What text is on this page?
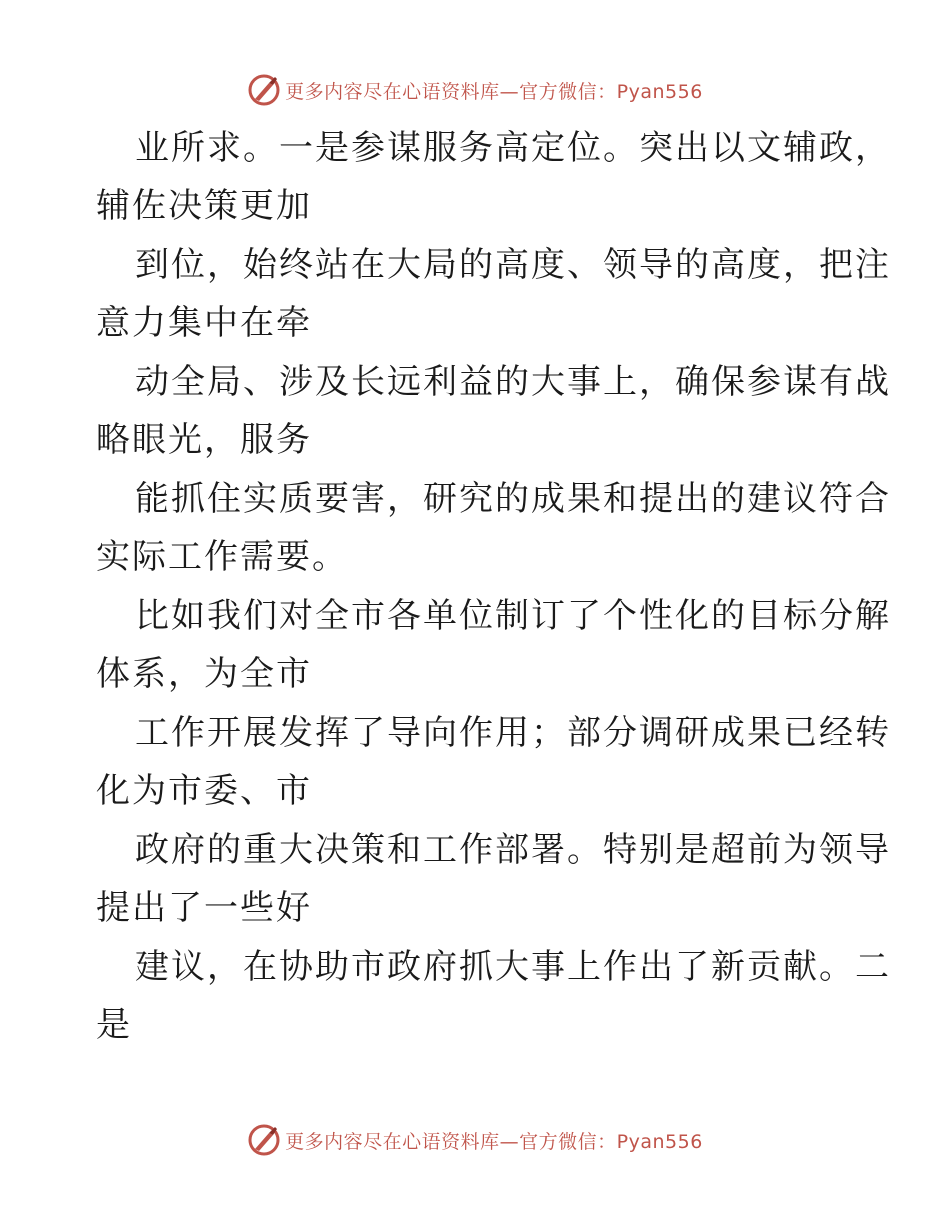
更多内容尽在心语资料库—官方微信：Pyan556
业所求。一是参谋服务高定位。突出以文辅政，
辅佐决策更加
到位，始终站在大局的高度、领导的高度，把注
意力集中在牵
动全局、涉及长远利益的大事上，确保参谋有战
略眼光，服务
能抓住实质要害，研究的成果和提出的建议符合
实际工作需要。
比如我们对全市各单位制订了个性化的目标分解
体系，为全市
工作开展发挥了导向作用；部分调研成果已经转
化为市委、市
政府的重大决策和工作部署。特别是超前为领导
提出了一些好
建议，在协助市政府抓大事上作出了新贡献。二
是
更多内容尽在心语资料库—官方微信：Pyan556
